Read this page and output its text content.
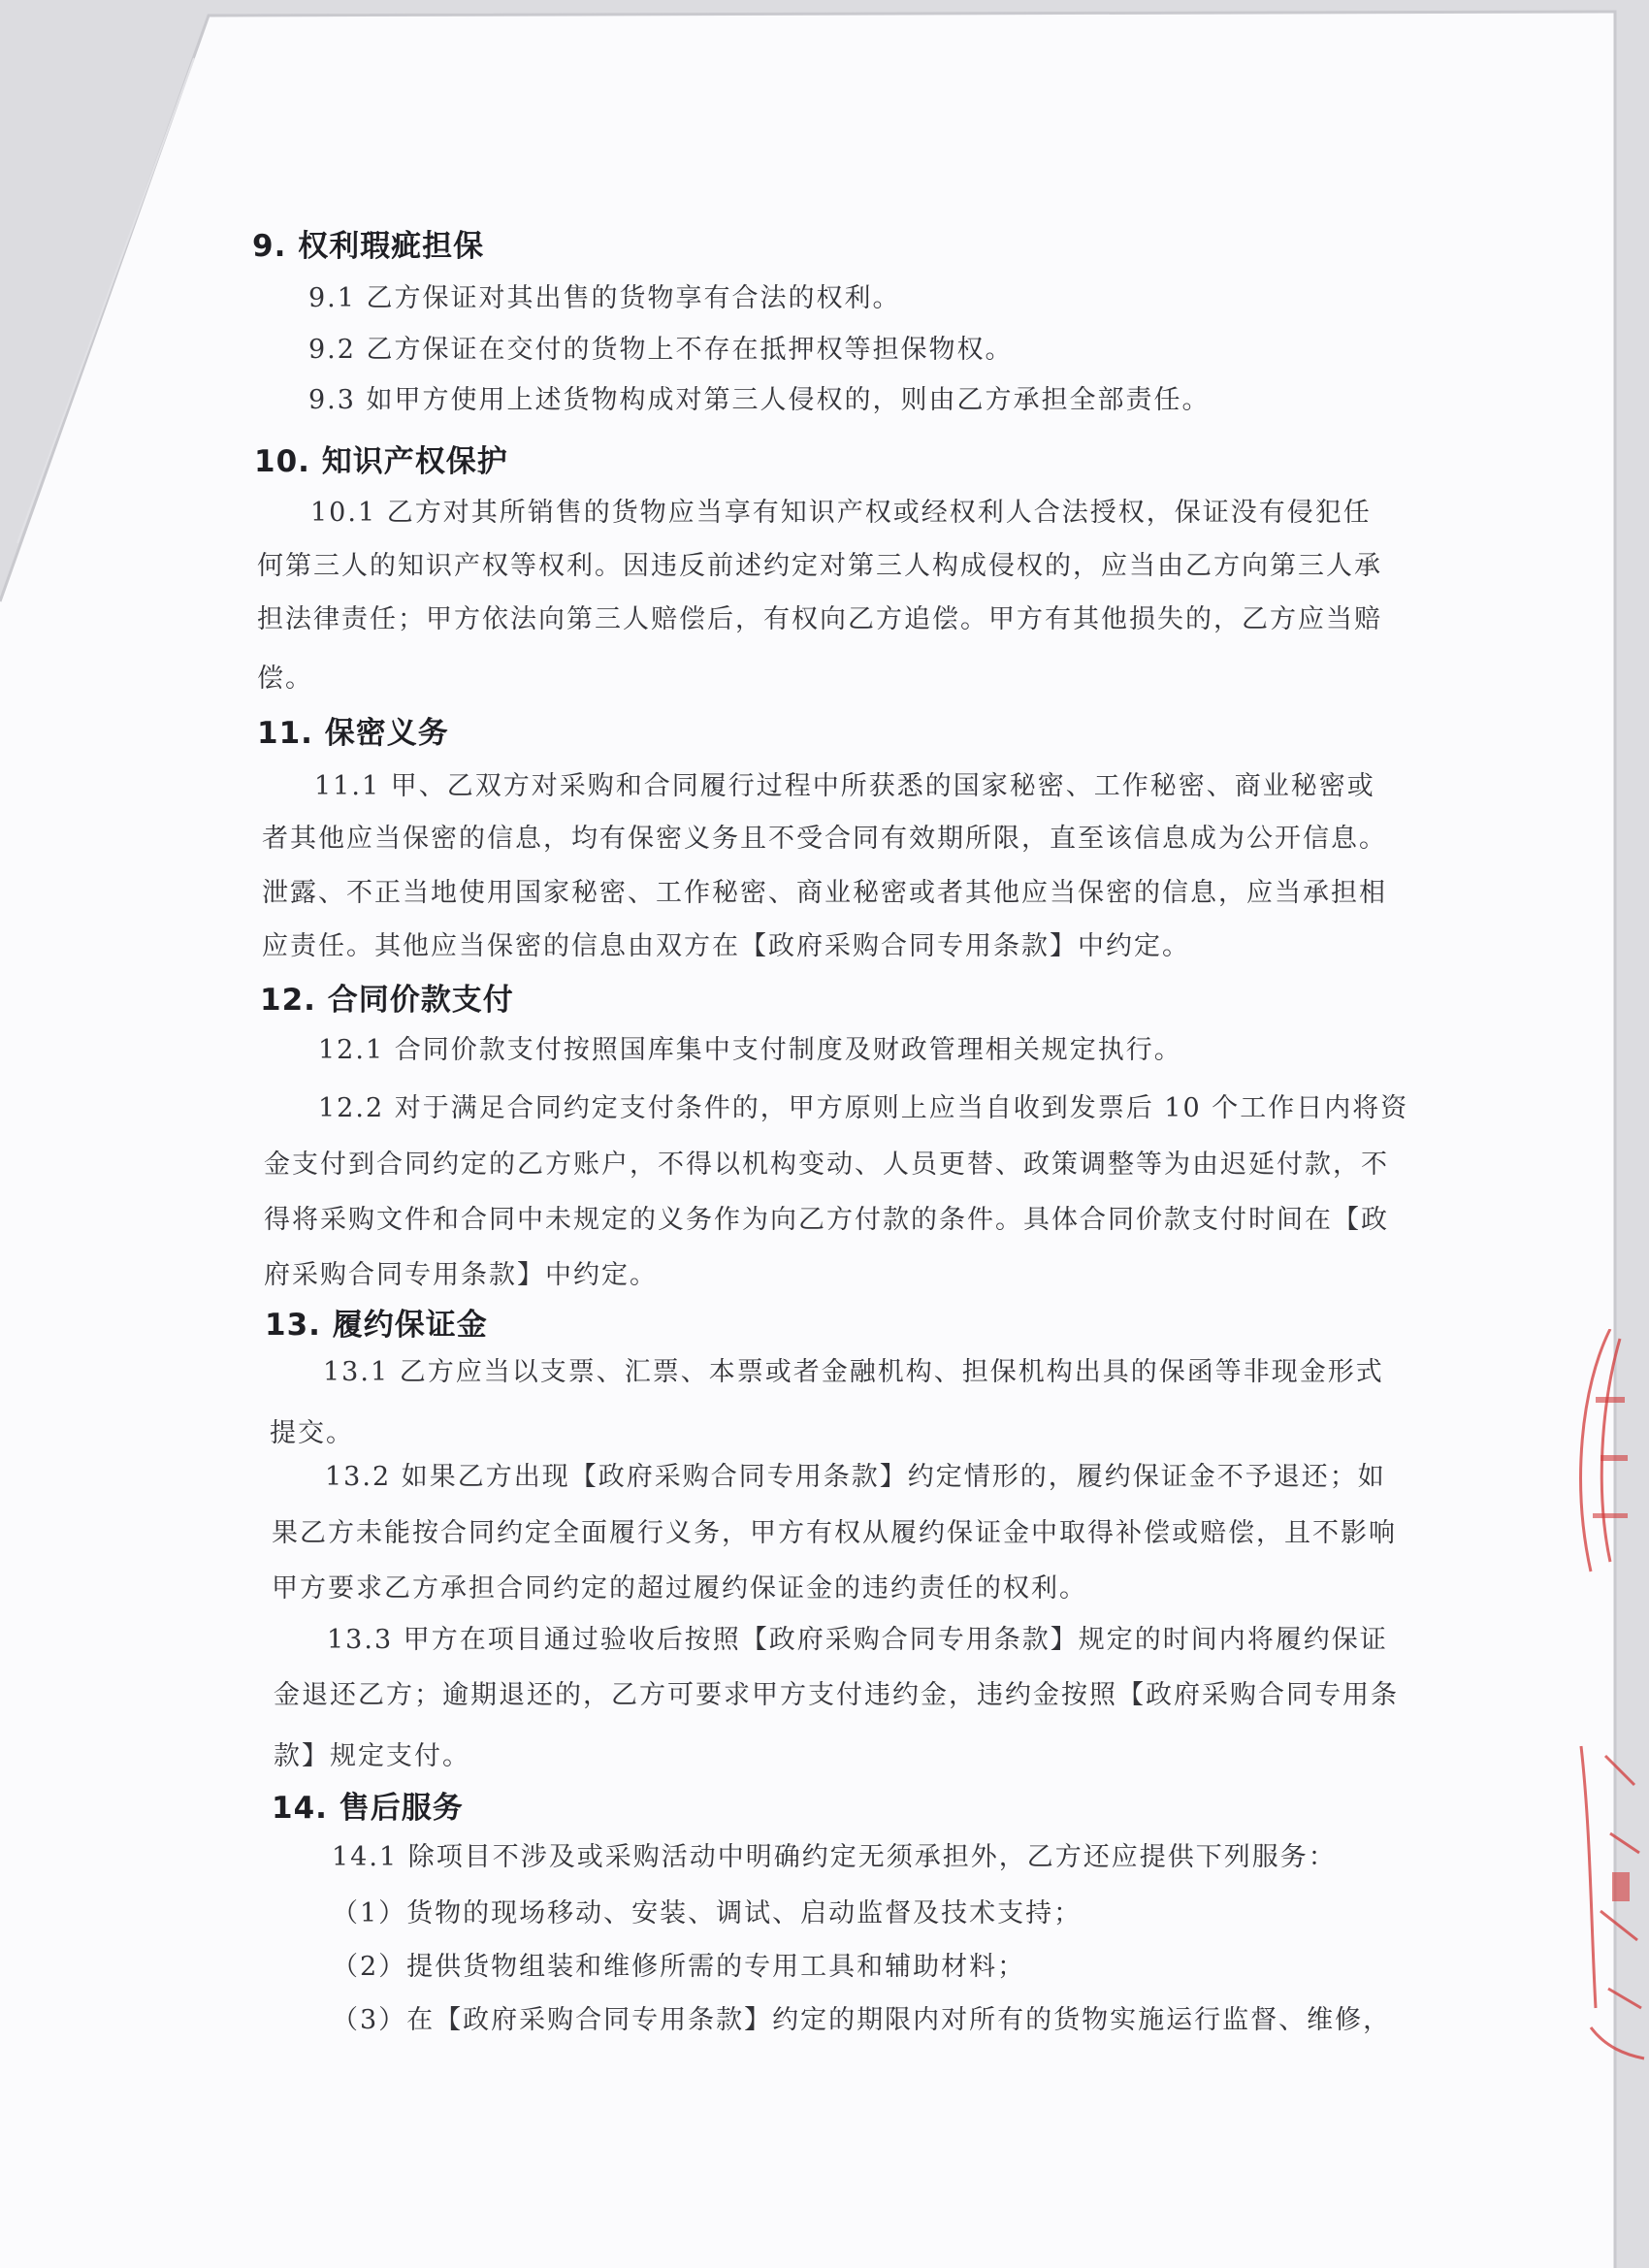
9. 权利瑕疵担保
9.1 乙方保证对其出售的货物享有合法的权利。
9.2 乙方保证在交付的货物上不存在抵押权等担保物权。
9.3 如甲方使用上述货物构成对第三人侵权的，则由乙方承担全部责任。
10. 知识产权保护
10.1 乙方对其所销售的货物应当享有知识产权或经权利人合法授权，保证没有侵犯任
何第三人的知识产权等权利。因违反前述约定对第三人构成侵权的，应当由乙方向第三人承
担法律责任；甲方依法向第三人赔偿后，有权向乙方追偿。甲方有其他损失的，乙方应当赔
偿。
11. 保密义务
11.1 甲、乙双方对采购和合同履行过程中所获悉的国家秘密、工作秘密、商业秘密或
者其他应当保密的信息，均有保密义务且不受合同有效期所限，直至该信息成为公开信息。
泄露、不正当地使用国家秘密、工作秘密、商业秘密或者其他应当保密的信息，应当承担相
应责任。其他应当保密的信息由双方在【政府采购合同专用条款】中约定。
12. 合同价款支付
12.1 合同价款支付按照国库集中支付制度及财政管理相关规定执行。
12.2 对于满足合同约定支付条件的，甲方原则上应当自收到发票后 10 个工作日内将资
金支付到合同约定的乙方账户，不得以机构变动、人员更替、政策调整等为由迟延付款，不
得将采购文件和合同中未规定的义务作为向乙方付款的条件。具体合同价款支付时间在【政
府采购合同专用条款】中约定。
13. 履约保证金
13.1 乙方应当以支票、汇票、本票或者金融机构、担保机构出具的保函等非现金形式
提交。
13.2 如果乙方出现【政府采购合同专用条款】约定情形的，履约保证金不予退还；如
果乙方未能按合同约定全面履行义务，甲方有权从履约保证金中取得补偿或赔偿，且不影响
甲方要求乙方承担合同约定的超过履约保证金的违约责任的权利。
13.3 甲方在项目通过验收后按照【政府采购合同专用条款】规定的时间内将履约保证
金退还乙方；逾期退还的，乙方可要求甲方支付违约金，违约金按照【政府采购合同专用条
款】规定支付。
14. 售后服务
14.1 除项目不涉及或采购活动中明确约定无须承担外，乙方还应提供下列服务：
（1）货物的现场移动、安装、调试、启动监督及技术支持；
（2）提供货物组装和维修所需的专用工具和辅助材料；
（3）在【政府采购合同专用条款】约定的期限内对所有的货物实施运行监督、维修，
